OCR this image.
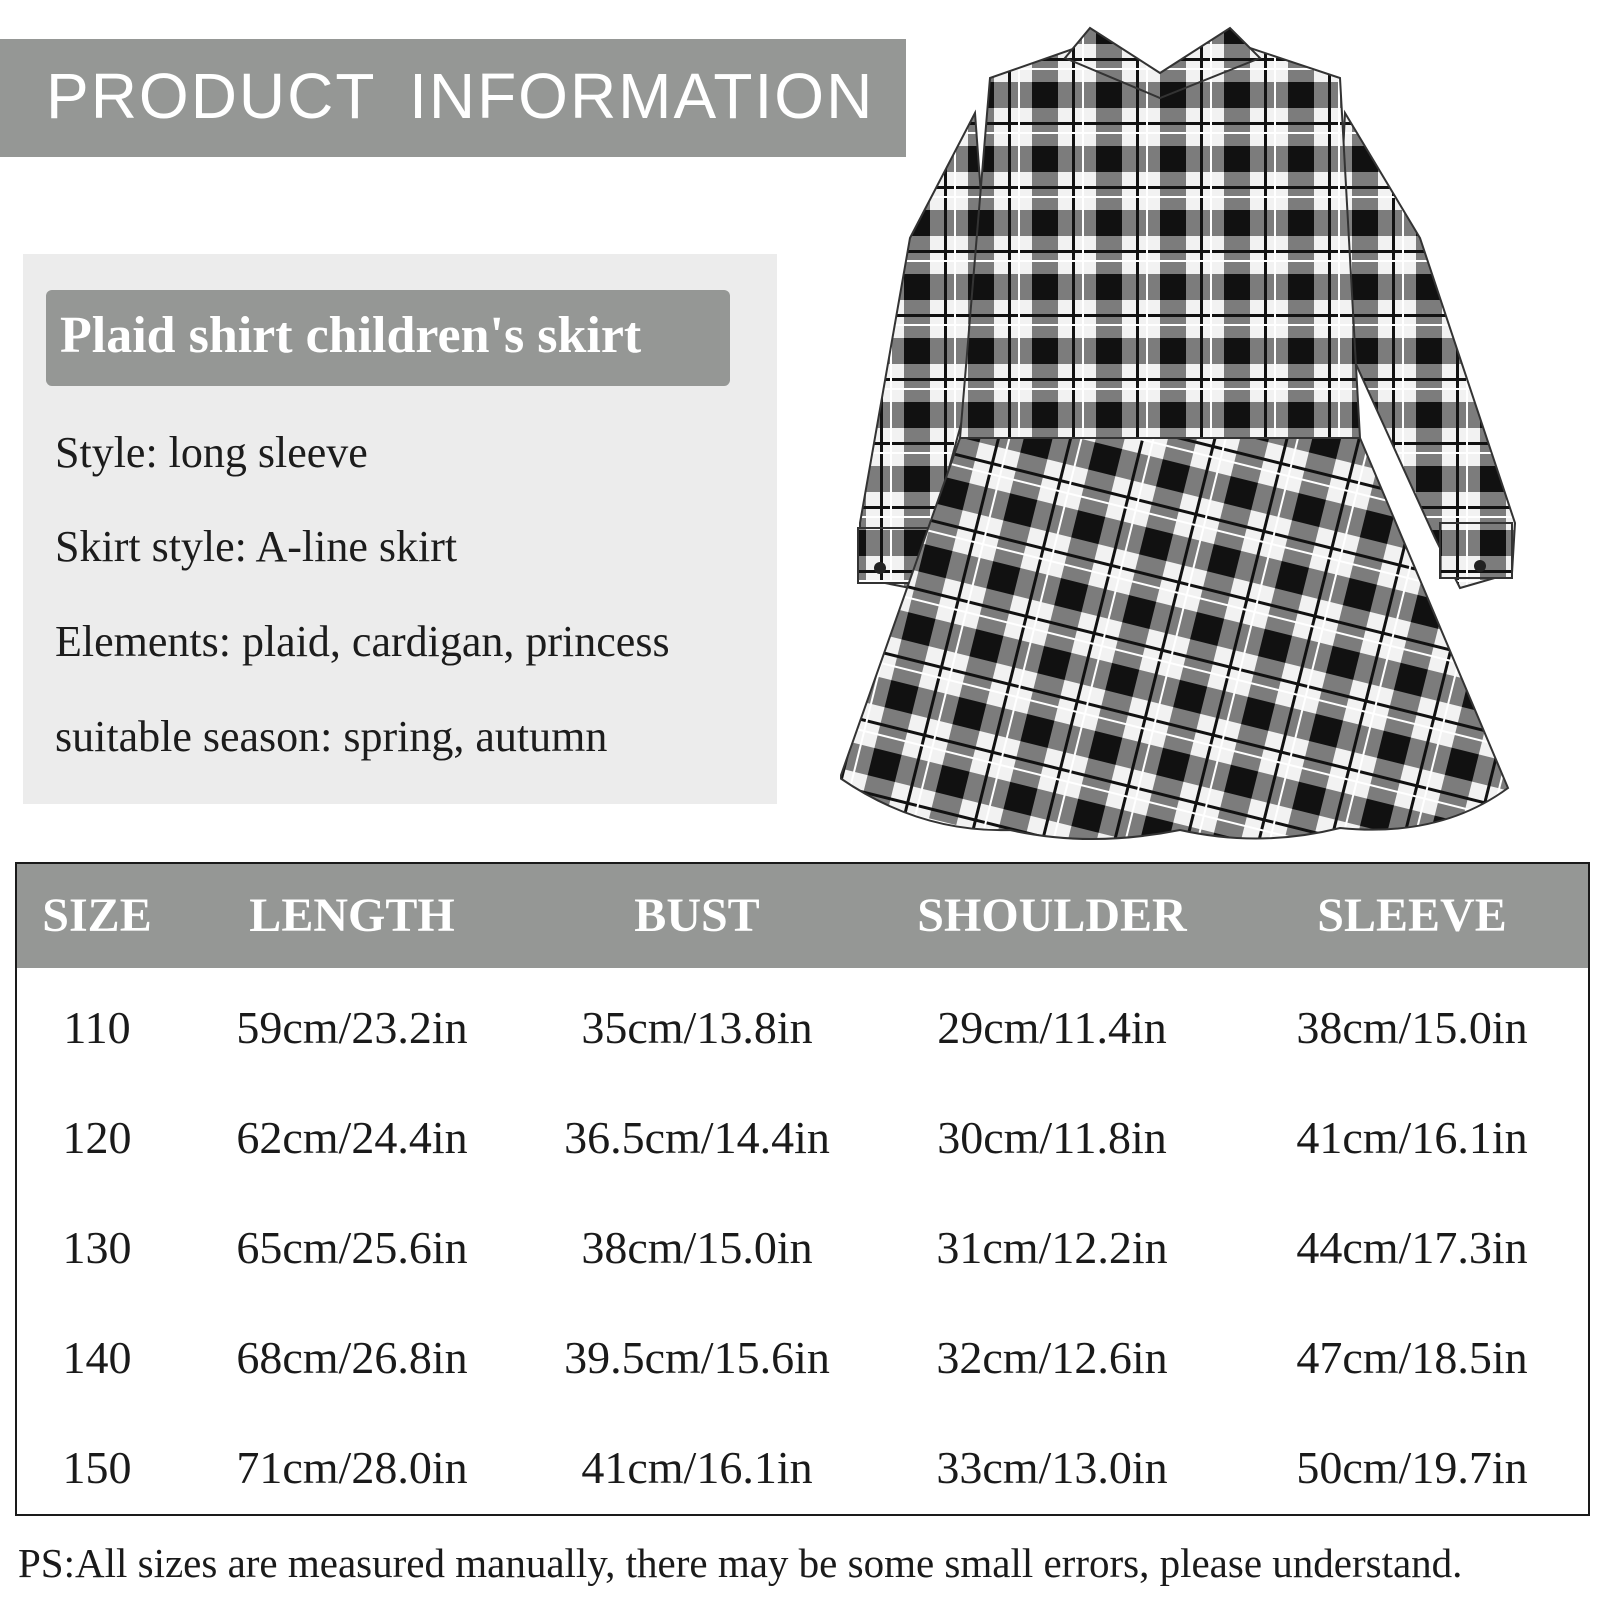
PRODUCT INFORMATION
Plaid shirt children's skirt
Style: long sleeve
Skirt style: A-line skirt
Elements: plaid, cardigan, princess
suitable season: spring, autumn
SIZE	LENGTH	BUST	SHOULDER	SLEEVE
110	59cm/23.2in	35cm/13.8in	29cm/11.4in	38cm/15.0in
120	62cm/24.4in	36.5cm/14.4in	30cm/11.8in	41cm/16.1in
130	65cm/25.6in	38cm/15.0in	31cm/12.2in	44cm/17.3in
140	68cm/26.8in	39.5cm/15.6in	32cm/12.6in	47cm/18.5in
150	71cm/28.0in	41cm/16.1in	33cm/13.0in	50cm/19.7in
PS:All sizes are measured manually, there may be some small errors, please understand.
